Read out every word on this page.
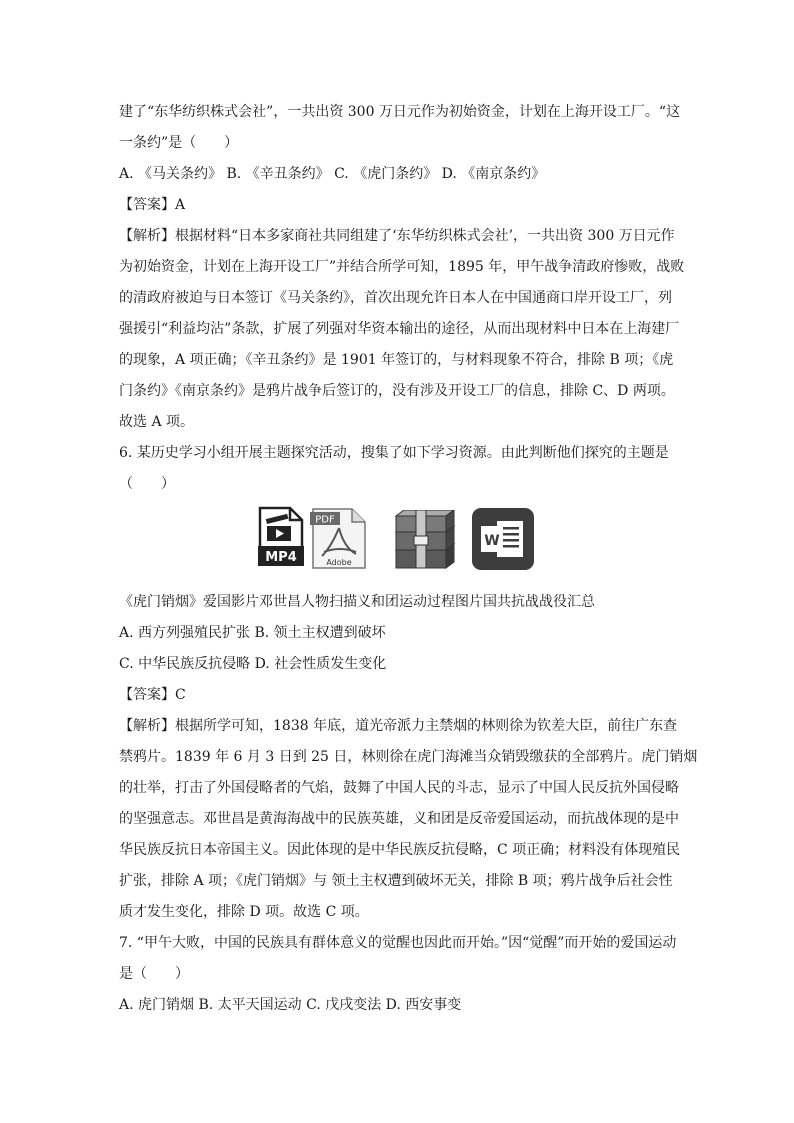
建了“东华纺织株式会社”，一共出资 300 万日元作为初始资金，计划在上海开设工厂。“这
一条约”是（　　）
A. 《马关条约》 B. 《辛丑条约》 C. 《虎门条约》 D. 《南京条约》
【答案】A
【解析】根据材料“日本多家商社共同组建了‘东华纺织株式会社’，一共出资 300 万日元作
为初始资金，计划在上海开设工厂”并结合所学可知，1895 年，甲午战争清政府惨败，战败
的清政府被迫与日本签订《马关条约》，首次出现允许日本人在中国通商口岸开设工厂，列
强援引“利益均沾”条款，扩展了列强对华资本输出的途径，从而出现材料中日本在上海建厂
的现象，A 项正确；《辛丑条约》是 1901 年签订的，与材料现象不符合，排除 B 项；《虎
门条约》《南京条约》是鸦片战争后签订的，没有涉及开设工厂的信息，排除 C、D 两项。
故选 A 项。
6. 某历史学习小组开展主题探究活动，搜集了如下学习资源。由此判断他们探究的主题是
（　　）
MP4
PDF
Adobe
W
《虎门销烟》爱国影片邓世昌人物扫描义和团运动过程图片国共抗战战役汇总
A. 西方列强殖民扩张 B. 领土主权遭到破坏
C. 中华民族反抗侵略 D. 社会性质发生变化
【答案】C
【解析】根据所学可知，1838 年底，道光帝派力主禁烟的林则徐为钦差大臣，前往广东查
禁鸦片。1839 年 6 月 3 日到 25 日，林则徐在虎门海滩当众销毁缴获的全部鸦片。虎门销烟
的壮举，打击了外国侵略者的气焰，鼓舞了中国人民的斗志，显示了中国人民反抗外国侵略
的坚强意志。邓世昌是黄海海战中的民族英雄，义和团是反帝爱国运动，而抗战体现的是中
华民族反抗日本帝国主义。因此体现的是中华民族反抗侵略，C 项正确；材料没有体现殖民
扩张，排除 A 项；《虎门销烟》与 领土主权遭到破坏无关，排除 B 项；鸦片战争后社会性
质才发生变化，排除 D 项。故选 C 项。
7. “甲午大败，中国的民族具有群体意义的觉醒也因此而开始。”因“觉醒”而开始的爱国运动
是（　　）
A. 虎门销烟 B. 太平天国运动 C. 戊戌变法 D. 西安事变
